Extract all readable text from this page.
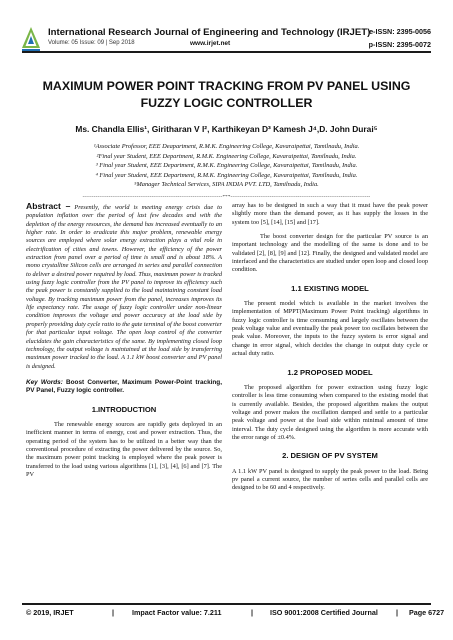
International Research Journal of Engineering and Technology (IRJET)
Volume: 05 Issue: 09 | Sep 2018	www.irjet.net
e-ISSN: 2395-0056
p-ISSN: 2395-0072
MAXIMUM POWER POINT TRACKING FROM PV PANEL USING FUZZY LOGIC CONTROLLER
Ms. Chandla Ellis¹, Giritharan V I², Karthikeyan D³ Kamesh J⁴,D. John Durai⁵
¹Associate Professor, EEE Deapartment, R.M.K. Engineering College, Kavaraipettai, Tamilnadu, India.
²Final year Student, EEE Department, R.M.K. Engineering College, Kavaraipettai, Tamilnadu, India.
³ Final year Student, EEE Department, R.M.K. Engineering College, Kavaraipettai, Tamilnadu, India.
⁴ Final year Student, EEE Department, R.M.K. Engineering College, Kavaraipettai, Tamilnadu, India.
⁵Manager Technical Services, SIPA INDIA PVT. LTD, Tamilnadu, India.
---------------------------------------------------------------------------***---------------------------------------------------------------------------

Abstract – Presently, the world is meeting energy crisis due to population inflation over the period of last few decades and with the depletion of the energy resources, the demand has increased eventually to an higher rate. In order to eradicate this major problem, renewable energy sources are employed where solar energy extraction plays a vital role in electrification of cities and towns. However, the efficiency of the power extraction from panel over a period of time is small and is about 18%. A mono crystalline Silicon cells are arranged in series and parallel connection to deliver a desired power required by load. Thus, maximum power is tracked using fuzzy logic controller from the PV panel to improve its efficiency such the peak power is constantly supplied to the load maintaining constant load voltage. By tracking maximum power from the panel, increases improves its life expectancy rate. The usage of fuzzy logic controller under non-linear condition improves the voltage and power accuracy at the load side by properly providing duty cycle ratio to the gate terminal of the boost converter for that particular input voltage. The open loop control of the converter elucidates the gain characteristics of the same. By implementing closed loop technology, the output voltage is maintained at the load side by transferring maximum power tracked to the load. A 1.1 kW boost converter and PV panel is designed.

Key Words: Boost Converter, Maximum Power-Point tracking, PV Panel, Fuzzy logic controller.

1.INTRODUCTION

The renewable energy sources are rapidly gets deployed in an inefficient manner in terms of energy, cost and power extraction. Thus, the operating period of the system has to be utilized in a better way than the conventional procedure of extracting the power delivered by the source. So, the maximum power point tracking is employed where the peak power is transferred to the load using various algorithms [1], [3], [4], [6] and [7]. The PV

array has to be designed in such a way that it must have the peak power slightly more than the demand power, as it has supply the losses in the system too [5], [14], [15] and [17].

The boost converter design for the particular PV source is an important technology and the modelling of the same is done and to be validated [2], [8], [9] and [12]. Finally, the designed and validated model are interfaced and the characteristics are studied under open loop and closed loop condition.

1.1 EXISTING MODEL

The present model which is available in the market involves the implementation of MPPT(Maximum Power Point tracking) algorithms in fuzzy logic controller is time consuming and largely oscillates between the peak voltage value and eventually the peak power too oscillates between the peak value. Moreover, the inputs to the fuzzy system is error signal and change in error signal, which decides the change in output duty cycle or actual duty ratio.

1.2 PROPOSED MODEL

The proposed algorithm for power extraction using fuzzy logic controller is less time consuming when compared to the existing model that is currently available. Besides, the proposed algorithm makes the output voltage and power makes the oscillation damped and settle to a particular peak voltage and power at the load side within minimal amount of time interval. The duty cycle designed using the algorithm is more accurate with the error range of ±0.4%.

2. DESIGN OF PV SYSTEM

A 1.1 kW PV panel is designed to supply the peak power to the load. Being pv panel a current source, the number of series cells and parallel cells are designed to be 60 and 4 respectively.

© 2019, IRJET	| Impact Factor value: 7.211	| ISO 9001:2008 Certified Journal	| Page 6727
